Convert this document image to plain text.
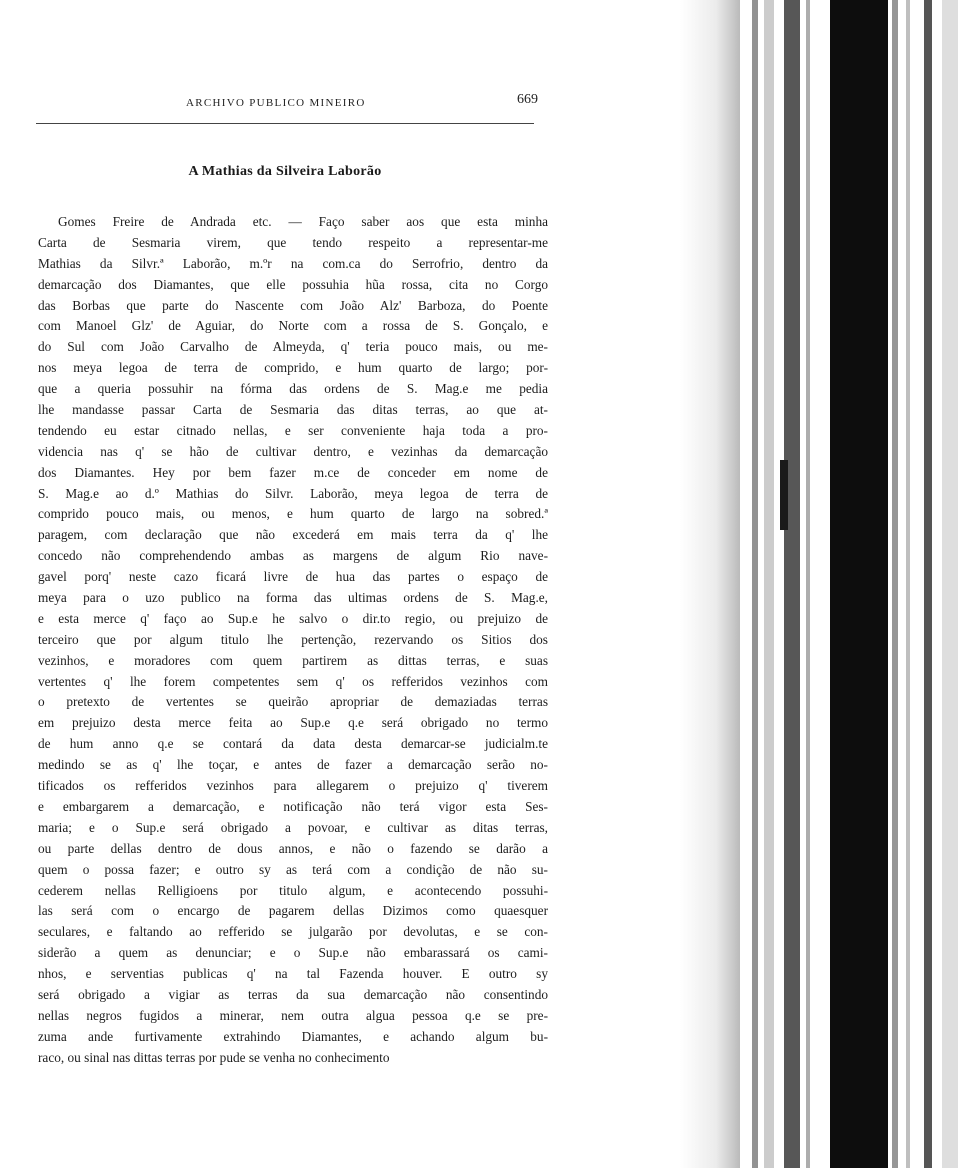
ARCHIVO PUBLICO MINEIRO	669
A Mathias da Silveira Laborão
Gomes Freire de Andrada etc. — Faço saber aos que esta minha
Carta de Sesmaria virem, que tendo respeito a representar-me
Mathias da Silvr.ª Laborão, m.ºr na com.ca do Serrofrio, dentro da
demarcação dos Diamantes, que elle possuhia hũa rossa, cita no Corgo
das Borbas que parte do Nascente com João Alz' Barboza, do Poente
com Manoel Glz' de Aguiar, do Norte com a rossa de S. Gonçalo, e
do Sul com João Carvalho de Almeyda, q' teria pouco mais, ou me-
nos meya legoa de terra de comprido, e hum quarto de largo; por-
que a queria possuhir na fórma das ordens de S. Mag.e me pedia
lhe mandasse passar Carta de Sesmaria das ditas terras, ao que at-
tendendo eu estar citnado nellas, e ser conveniente haja toda a pro-
videncia nas q' se hão de cultivar dentro, e vezinhas da demarcação
dos Diamantes. Hey por bem fazer m.ce de conceder em nome de
S. Mag.e ao d.º Mathias do Silvr. Laborão, meya legoa de terra de
comprido pouco mais, ou menos, e hum quarto de largo na sobred.ª
paragem, com declaração que não excederá em mais terra da q' lhe
concedo não comprehendendo ambas as margens de algum Rio nave-
gavel porq' neste cazo ficará livre de hua das partes o espaço de
meya para o uzo publico na forma das ultimas ordens de S. Mag.e,
e esta merce q' faço ao Sup.e he salvo o dir.to regio, ou prejuizo de
terceiro que por algum titulo lhe pertenção, rezervando os Sitios dos
vezinhos, e moradores com quem partirem as dittas terras, e suas
vertentes q' lhe forem competentes sem q' os refferidos vezinhos com
o pretexto de vertentes se queirão apropriar de demaziadas terras
em prejuizo desta merce feita ao Sup.e q.e será obrigado no termo
de hum anno q.e se contará da data desta demarcar-se judicialm.te
medindo se as q' lhe toçar, e antes de fazer a demarcação serão no-
tificados os refferidos vezinhos para allegarem o prejuizo q' tiverem
e embargarem a demarcação, e notificação não terá vigor esta Ses-
maria; e o Sup.e será obrigado a povoar, e cultivar as ditas terras,
ou parte dellas dentro de dous annos, e não o fazendo se darão a
quem o possa fazer; e outro sy as terá com a condição de não su-
cederem nellas Relligioens por titulo algum, e acontecendo possuhi-
las será com o encargo de pagarem dellas Dizimos como quaesquer
seculares, e faltando ao refferido se julgarão por devolutas, e se con-
siderão a quem as denunciar; e o Sup.e não embarassará os cami-
nhos, e serventias publicas q' na tal Fazenda houver. E outro sy
será obrigado a vigiar as terras da sua demarcação não consentindo
nellas negros fugidos a minerar, nem outra algua pessoa q.e se pre-
zuma ande furtivamente extrahindo Diamantes, e achando algum bu-
raco, ou sinal nas dittas terras por pude se venha no conhecimento
